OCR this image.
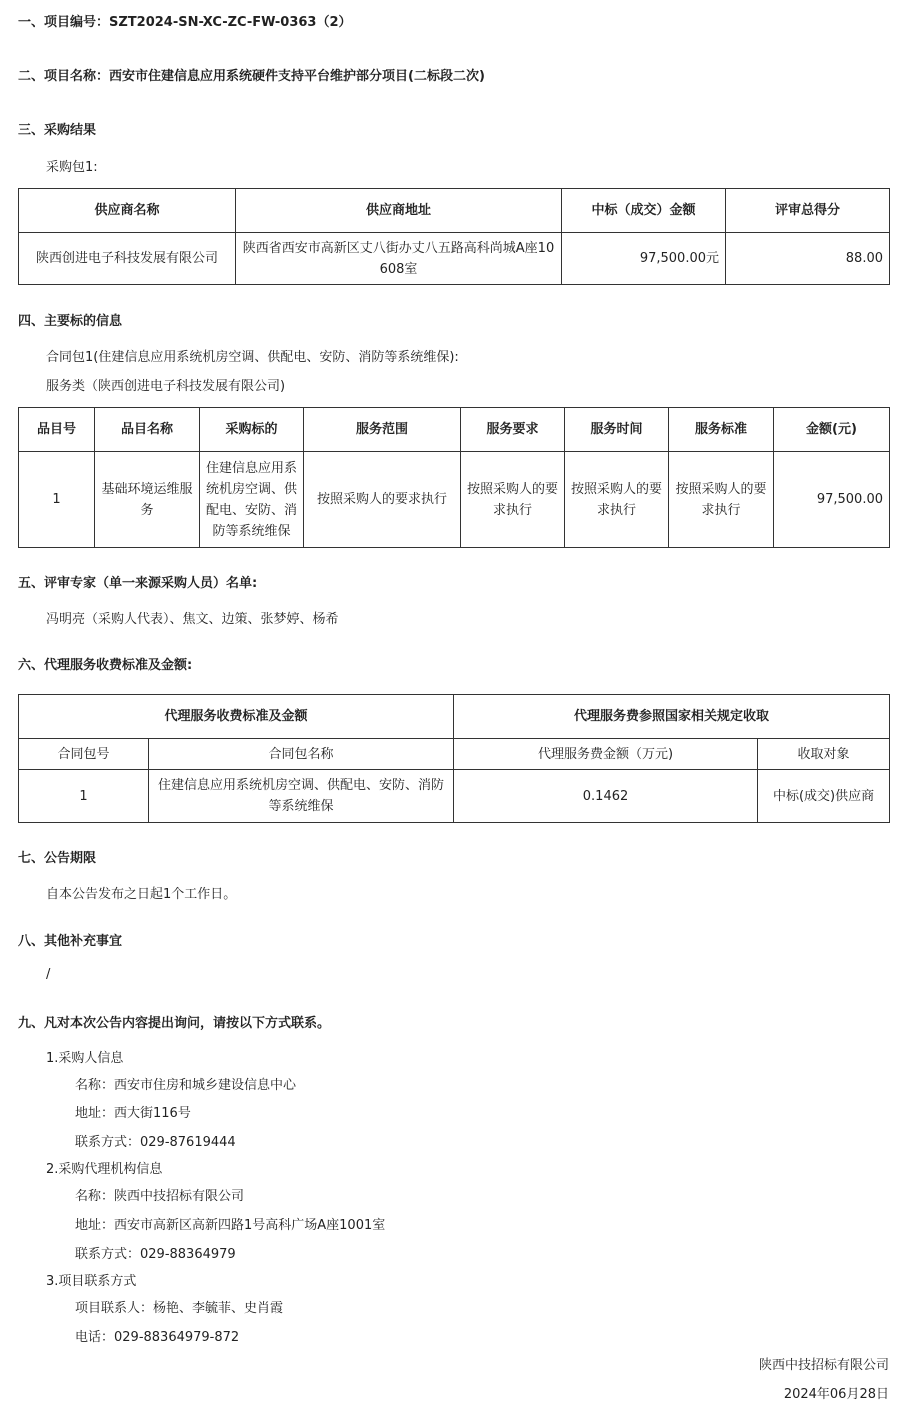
一、项目编号：SZT2024-SN-XC-ZC-FW-0363（2）
二、项目名称：西安市住建信息应用系统硬件支持平台维护部分项目(二标段二次)
三、采购结果
采购包1:
供应商名称	供应商地址	中标（成交）金额	评审总得分
陕西创进电子科技发展有限公司	陕西省西安市高新区丈八街办丈八五路高科尚城A座10608室	97,500.00元	88.00
四、主要标的信息
合同包1(住建信息应用系统机房空调、供配电、安防、消防等系统维保):
服务类（陕西创进电子科技发展有限公司)
品目号	品目名称	采购标的	服务范围	服务要求	服务时间	服务标准	金额(元)
1	基础环境运维服务	住建信息应用系统机房空调、供配电、安防、消防等系统维保	按照采购人的要求执行	按照采购人的要求执行	按照采购人的要求执行	按照采购人的要求执行	97,500.00
五、评审专家（单一来源采购人员）名单:
冯明亮（采购人代表）、焦文、边策、张梦婷、杨希
六、代理服务收费标准及金额:
代理服务收费标准及金额		代理服务费参照国家相关规定收取	
合同包号	合同包名称	代理服务费金额（万元)	收取对象
1	住建信息应用系统机房空调、供配电、安防、消防等系统维保	0.1462	中标(成交)供应商
七、公告期限
自本公告发布之日起1个工作日。
八、其他补充事宜
/
九、凡对本次公告内容提出询问，请按以下方式联系。
1.采购人信息
名称：西安市住房和城乡建设信息中心
地址：西大街116号
联系方式：029-87619444
2.采购代理机构信息
名称：陕西中技招标有限公司
地址：西安市高新区高新四路1号高科广场A座1001室
联系方式：029-88364979
3.项目联系方式
项目联系人：杨艳、李毓菲、史肖霞
电话：029-88364979-872
陕西中技招标有限公司
2024年06月28日
